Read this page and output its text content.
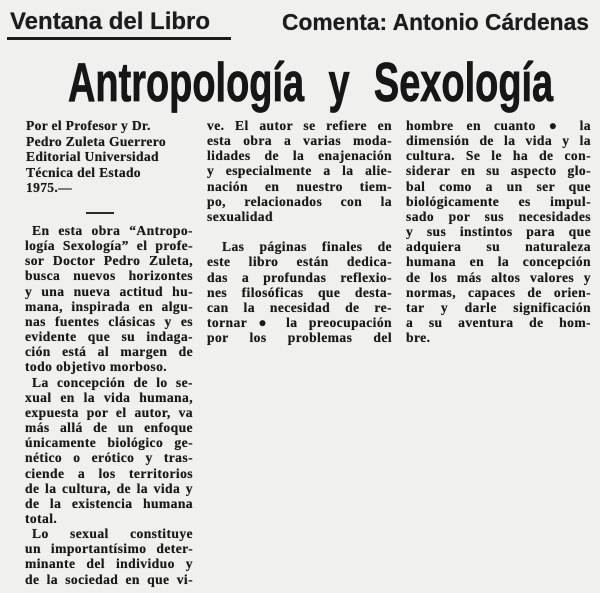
Ventana del Libro	Comenta: Antonio Cárdenas
Antropología y Sexología
Por el Profesor y Dr.
Pedro Zuleta Guerrero
Editorial Universidad
Técnica del Estado
1975.—
En esta obra “Antropo-
logía Sexología” el profe-
sor Doctor Pedro Zuleta,
busca nuevos horizontes
y una nueva actitud hu-
mana, inspirada en algu-
nas fuentes clásicas y es
evidente que su indaga-
ción está al margen de
todo objetivo morboso.
La concepción de lo se-
xual en la vida humana,
expuesta por el autor, va
más allá de un enfoque
únicamente biológico ge-
nético o erótico y tras-
ciende a los territorios
de la cultura, de la vida y
de la existencia humana
total.
Lo sexual constituye
un importantísimo deter-
minante del individuo y
de la sociedad en que vi-
ve. El autor se refiere en
esta obra a varias moda-
lidades de la enajenación
y especialmente a la alie-
nación en nuestro tiem-
po, relacionados con la
sexualidad
Las páginas finales de
este libro están dedica-
das a profundas reflexio-
nes filosóficas que desta-
can la necesidad de re-
tornar ● la preocupación
por los problemas del
hombre en cuanto ● la
dimensión de la vida y la
cultura. Se le ha de con-
siderar en su aspecto glo-
bal como a un ser que
biológicamente es impul-
sado por sus necesidades
y sus instintos para que
adquiera su naturaleza
humana en la concepción
de los más altos valores y
normas, capaces de orien-
tar y darle significación
a su aventura de hom-
bre.
